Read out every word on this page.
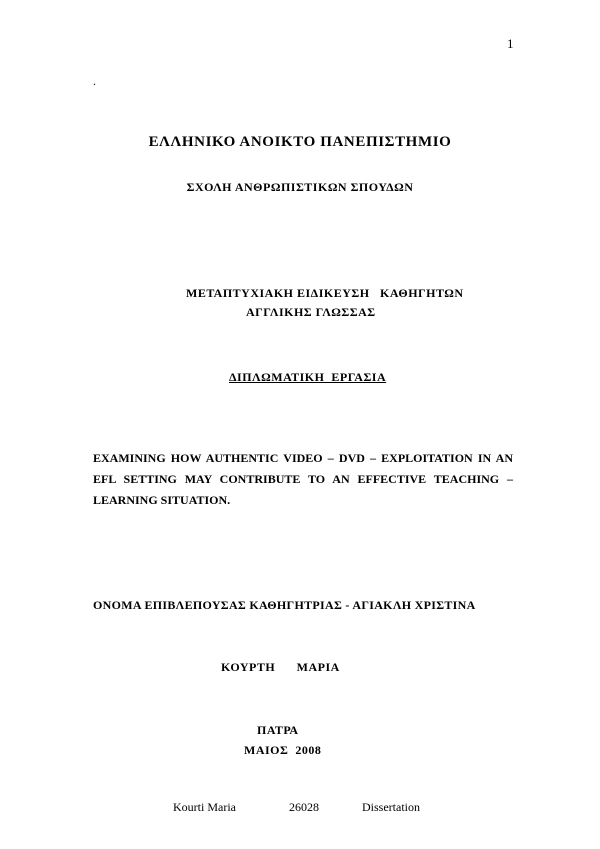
1
.
ΕΛΛΗΝΙΚΟ ΑΝΟΙΚΤΟ ΠΑΝΕΠΙΣΤΗΜΙΟ
ΣΧΟΛΗ ΑΝΘΡΩΠΙΣΤΙΚΩΝ ΣΠΟΥΔΩΝ
ΜΕΤΑΠΤΥΧΙΑΚΗ ΕΙΔΙΚΕΥΣΗ   ΚΑΘΗΓΗΤΩΝ
ΑΓΓΛΙΚΗΣ ΓΛΩΣΣΑΣ
ΔΙΠΛΩΜΑΤΙΚΗ  ΕΡΓΑΣΙΑ
EXAMINING HOW AUTHENTIC VIDEO – DVD – EXPLOITATION IN AN
EFL SETTING MAY CONTRIBUTE TO AN EFFECTIVE TEACHING –
LEARNING SITUATION.
ΟΝΟΜΑ ΕΠΙΒΛΕΠΟΥΣΑΣ ΚΑΘΗΓΗΤΡΙΑΣ - ΑΓΙΑΚΛΗ ΧΡΙΣΤΙΝΑ
ΚΟΥΡΤΗ ΜΑΡΙΑ
ΠΑΤΡΑ
ΜΑΙΟΣ  2008
Kourti Maria	26028	Dissertation
